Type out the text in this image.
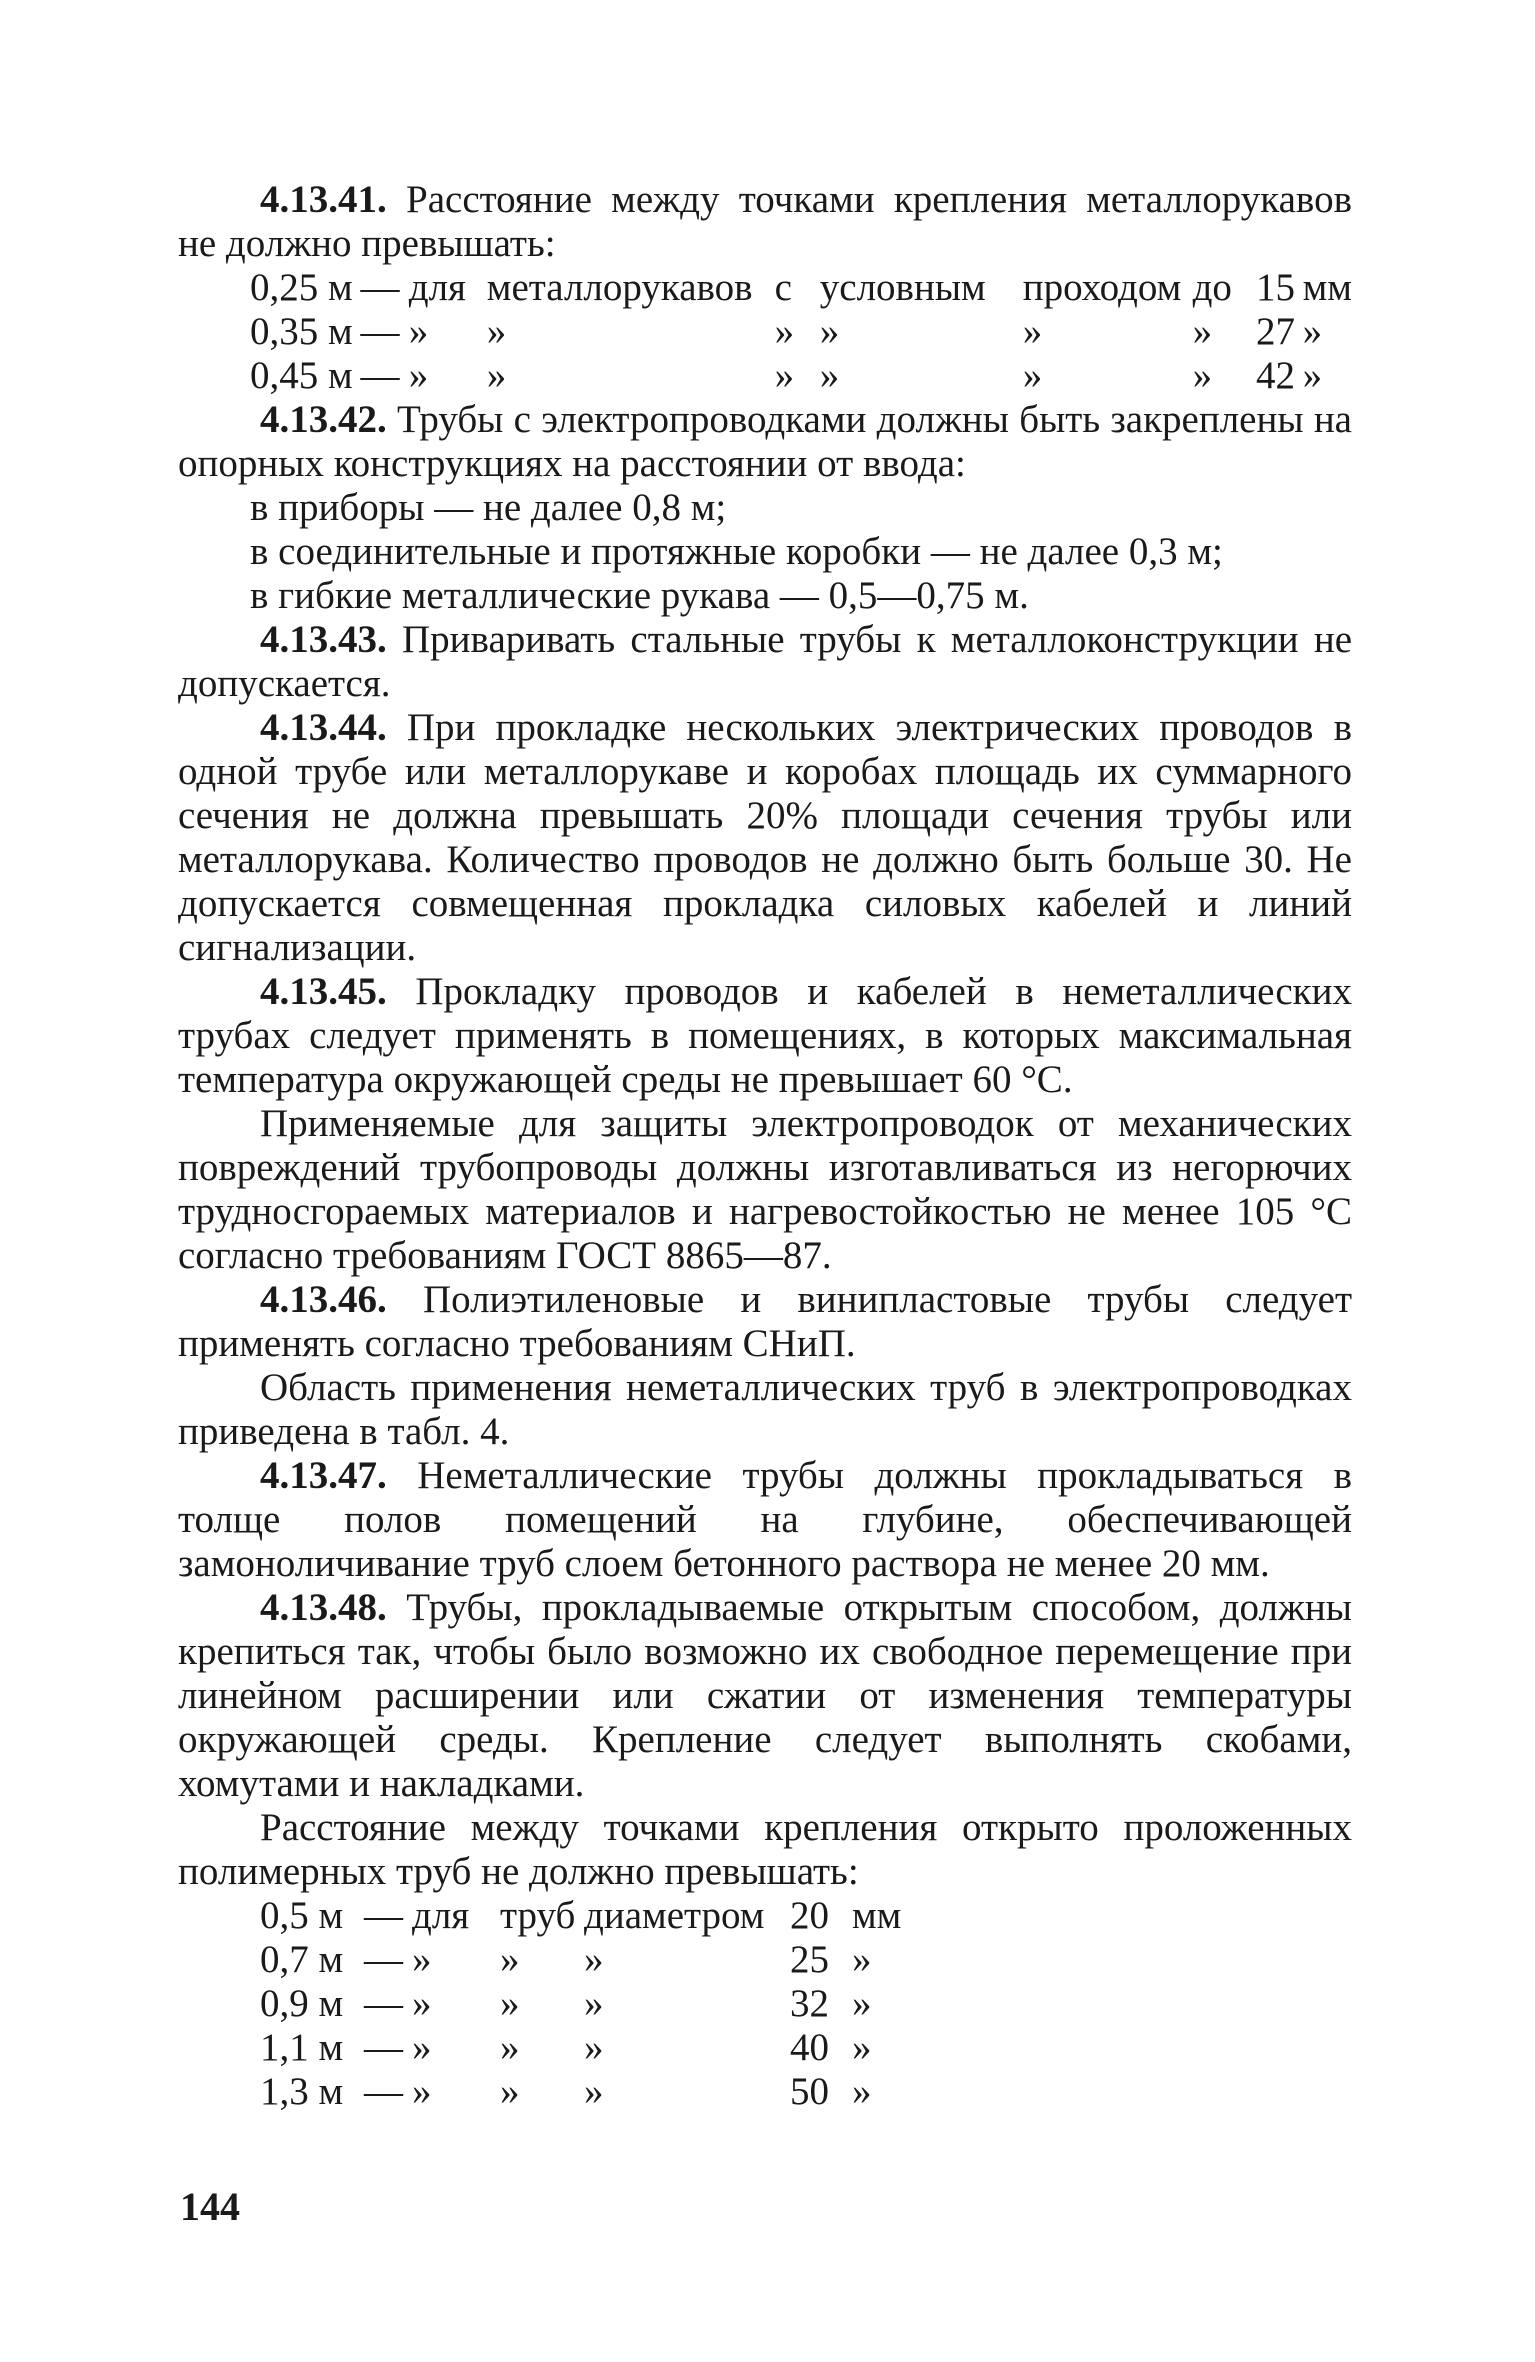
4.13.41. Расстояние между точками крепления металлорукавов не должно превышать:

0,25 м	—	для	металлорукавов	с	условным	проходом	до	15	мм
0,35 м	—	»	»	»	»	»	»	27	»
0,45 м	—	»	»	»	»	»	»	42	»

4.13.42. Трубы с электропроводками должны быть закреплены на опорных конструкциях на расстоянии от ввода:

в приборы — не далее 0,8 м;
в соединительные и протяжные коробки — не далее 0,3 м;
в гибкие металлические рукава — 0,5—0,75 м.

4.13.43. Приваривать стальные трубы к металлоконструкции не допускается.

4.13.44. При прокладке нескольких электрических проводов в одной трубе или металлорукаве и коробах площадь их суммарного сечения не должна превышать 20% площади сечения трубы или металлорукава. Количество проводов не должно быть больше 30. Не допускается совмещенная прокладка силовых кабелей и линий сигнализации.

4.13.45. Прокладку проводов и кабелей в неметаллических трубах следует применять в помещениях, в которых максимальная температура окружающей среды не превышает 60 °С.

Применяемые для защиты электропроводок от механических повреждений трубопроводы должны изготавливаться из негорючих трудносгораемых материалов и нагревостойкостью не менее 105 °С согласно требованиям ГОСТ 8865—87.

4.13.46. Полиэтиленовые и винипластовые трубы следует применять согласно требованиям СНиП.

Область применения неметаллических труб в электропроводках приведена в табл. 4.

4.13.47. Неметаллические трубы должны прокладываться в толще полов помещений на глубине, обеспечивающей замоноличивание труб слоем бетонного раствора не менее 20 мм.

4.13.48. Трубы, прокладываемые открытым способом, должны крепиться так, чтобы было возможно их свободное перемещение при линейном расширении или сжатии от изменения температуры окружающей среды. Крепление следует выполнять скобами, хомутами и накладками.

Расстояние между точками крепления открыто проложенных полимерных труб не должно превышать:

0,5 м	—	для	труб	диаметром	20	мм
0,7 м	—	»	»	»	25	»
0,9 м	—	»	»	»	32	»
1,1 м	—	»	»	»	40	»
1,3 м	—	»	»	»	50	»
144
